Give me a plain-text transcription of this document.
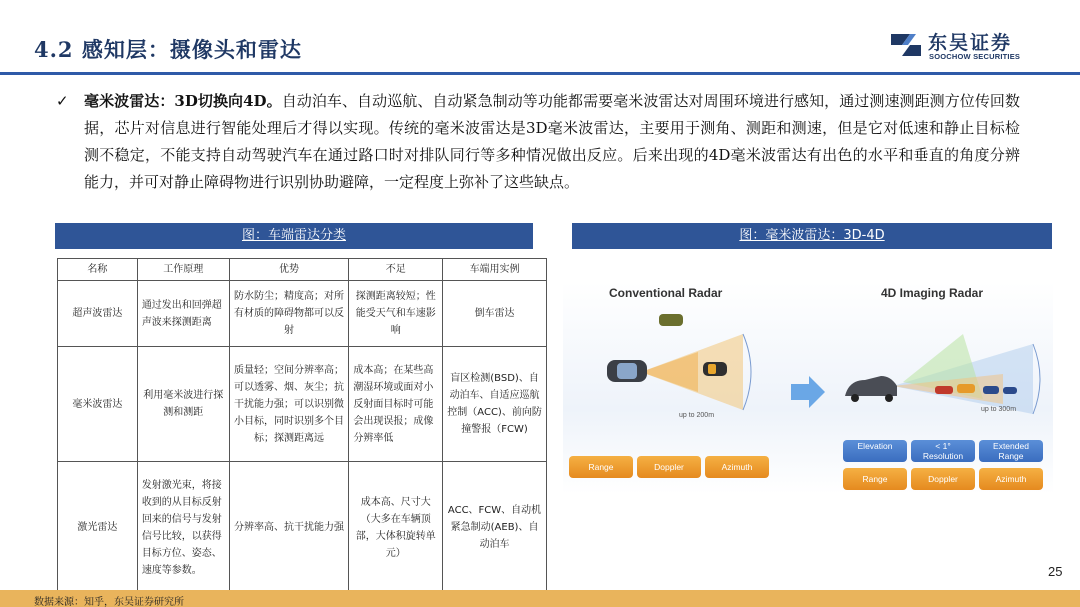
4.2 感知层：摄像头和雷达	东吴证券
SOOCHOW SECURITIES
✓ 毫米波雷达：3D切换向4D。自动泊车、自动巡航、自动紧急制动等功能都需要毫米波雷达对周围环境进行感知，通过测速测距测方位传回数据，芯片对信息进行智能处理后才得以实现。传统的毫米波雷达是3D毫米波雷达，主要用于测角、测距和测速，但是它对低速和静止目标检测不稳定，不能支持自动驾驶汽车在通过路口时对排队同行等多种情况做出反应。后来出现的4D毫米波雷达有出色的水平和垂直的角度分辨能力，并可对静止障碍物进行识别协助避障，一定程度上弥补了这些缺点。

图：车端雷达分类
名称	工作原理	优势	不足	车端用实例
超声波雷达	通过发出和回弹超声波来探测距离	防水防尘；精度高；对所有材质的障碍物都可以反射	探测距离较短；性能受天气和车速影响	倒车雷达
毫米波雷达	利用毫米波进行探测和测距	质量轻；空间分辨率高；可以透雾、烟、灰尘；抗干扰能力强；可以识别微小目标，同时识别多个目标；探测距离远	成本高；在某些高潮湿环境或面对小反射面目标时可能会出现误报；成像分辨率低	盲区检测(BSD)、自动泊车、自适应巡航控制（ACC)、前向防撞警报（FCW)
激光雷达	发射激光束，将接收到的从目标反射回来的信号与发射信号比较，以获得目标方位、姿态、速度等参数。	分辨率高、抗干扰能力强	成本高、尺寸大（大多在车辆顶部，大体积旋转单元）	ACC、FCW、自动机紧急制动(AEB)、自动泊车
图：毫米波雷达：3D-4D
Conventional Radar	4D Imaging Radar
up to 200m
up to 300m
Range	Doppler	Azimuth
Elevation	< 1°
Resolution
Extended
Range
Range	Doppler	Azimuth
25
数据来源：知乎，东吴证券研究所
